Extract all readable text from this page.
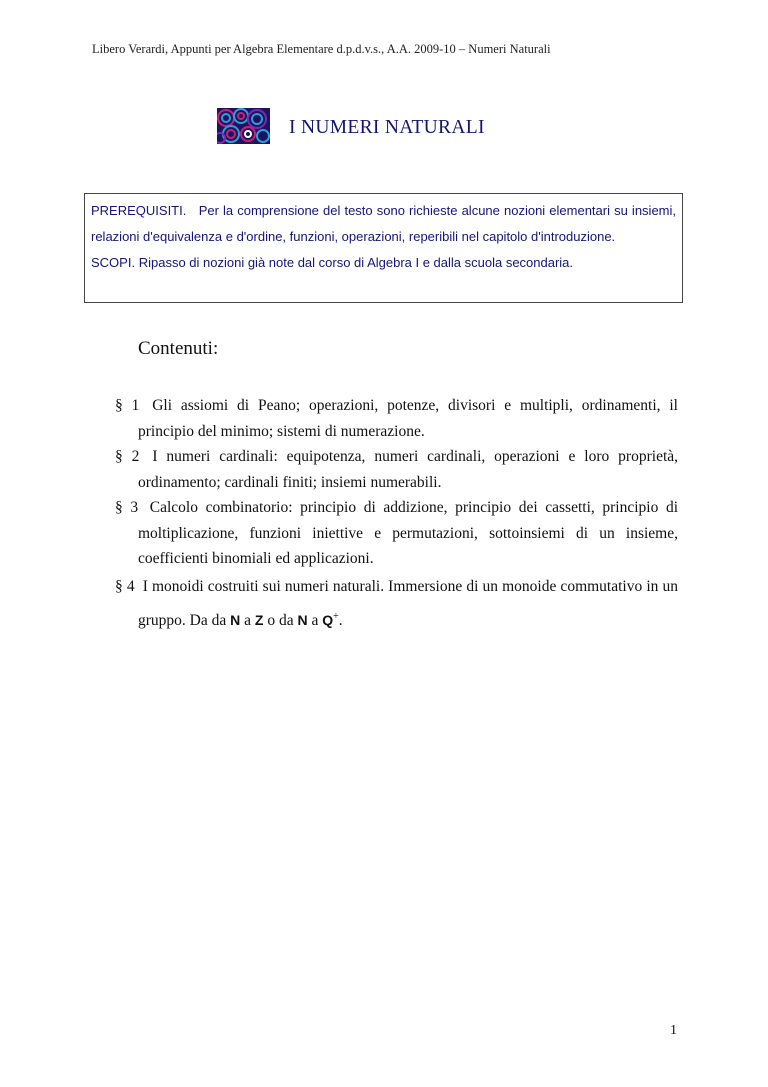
Libero Verardi, Appunti per Algebra Elementare d.p.d.v.s., A.A. 2009-10 – Numeri Naturali
I NUMERI NATURALI

PREREQUISITI. Per la comprensione del testo sono richieste alcune nozioni elementari su insiemi, relazioni d'equivalenza e d'ordine, funzioni, operazioni, reperibili nel capitolo d'introduzione.

SCOPI. Ripasso di nozioni già note dal corso di Algebra I e dalla scuola secondaria.

Contenuti:

§ 1 Gli assiomi di Peano; operazioni, potenze, divisori e multipli, ordinamenti, il principio del minimo; sistemi di numerazione.

§ 2 I numeri cardinali: equipotenza, numeri cardinali, operazioni e loro proprietà, ordinamento; cardinali finiti; insiemi numerabili.

§ 3 Calcolo combinatorio: principio di addizione, principio dei cassetti, principio di moltiplicazione, funzioni iniettive e permutazioni, sottoinsiemi di un insieme, coefficienti binomiali ed applicazioni.

§ 4 I monoidi costruiti sui numeri naturali. Immersione di un monoide commutativo in un gruppo. Da da N a Z o da N a Q+.

1
